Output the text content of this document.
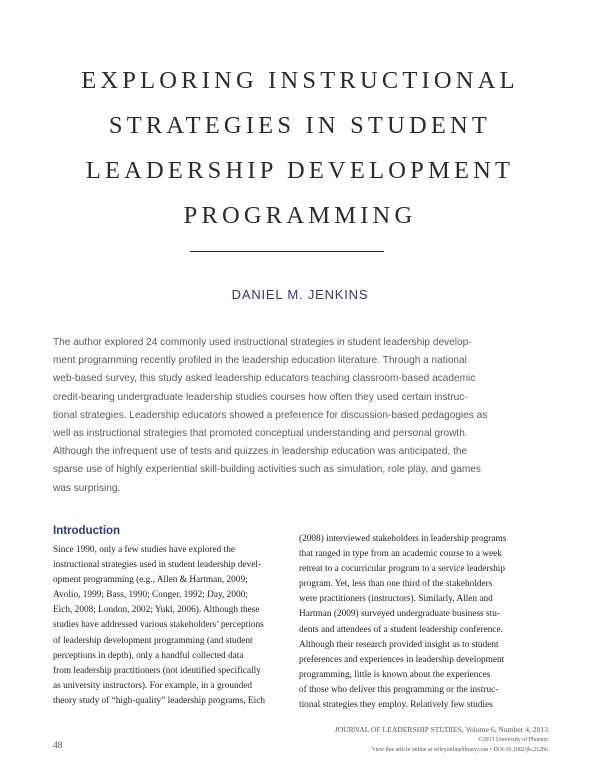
EXPLORING INSTRUCTIONAL
STRATEGIES IN STUDENT
LEADERSHIP DEVELOPMENT
PROGRAMMING

DANIEL M. JENKINS

The author explored 24 commonly used instructional strategies in student leadership develop-
ment programming recently profiled in the leadership education literature. Through a national
web-based survey, this study asked leadership educators teaching classroom-based academic
credit-bearing undergraduate leadership studies courses how often they used certain instruc-
tional strategies. Leadership educators showed a preference for discussion-based pedagogies as
well as instructional strategies that promoted conceptual understanding and personal growth.
Although the infrequent use of tests and quizzes in leadership education was anticipated, the
sparse use of highly experiential skill-building activities such as simulation, role play, and games
was surprising.

Introduction

Since 1990, only a few studies have explored the
instructional strategies used in student leadership devel-
opment programming (e.g., Allen & Hartman, 2009;
Avolio, 1999; Bass, 1990; Conger, 1992; Day, 2000;
Eich, 2008; London, 2002; Yukl, 2006). Although these
studies have addressed various stakeholders’ perceptions
of leadership development programming (and student
perceptions in depth), only a handful collected data
from leadership practitioners (not identified specifically
as university instructors). For example, in a grounded
theory study of “high-quality” leadership programs, Eich

(2008) interviewed stakeholders in leadership programs
that ranged in type from an academic course to a week
retreat to a cocurricular program to a service leadership
program. Yet, less than one third of the stakeholders
were practitioners (instructors). Similarly, Allen and
Hartman (2009) surveyed undergraduate business stu-
dents and attendees of a student leadership conference.
Although their research provided insight as to student
preferences and experiences in leadership development
programming, little is known about the experiences
of those who deliver this programming or the instruc-
tional strategies they employ. Relatively few studies

48
JOURNAL OF LEADERSHIP STUDIES, Volume 6, Number 4, 2013
©2013 University of Phoenix
View this article online at wileyonlinelibrary.com • DOI:10.1002/jls.21266
